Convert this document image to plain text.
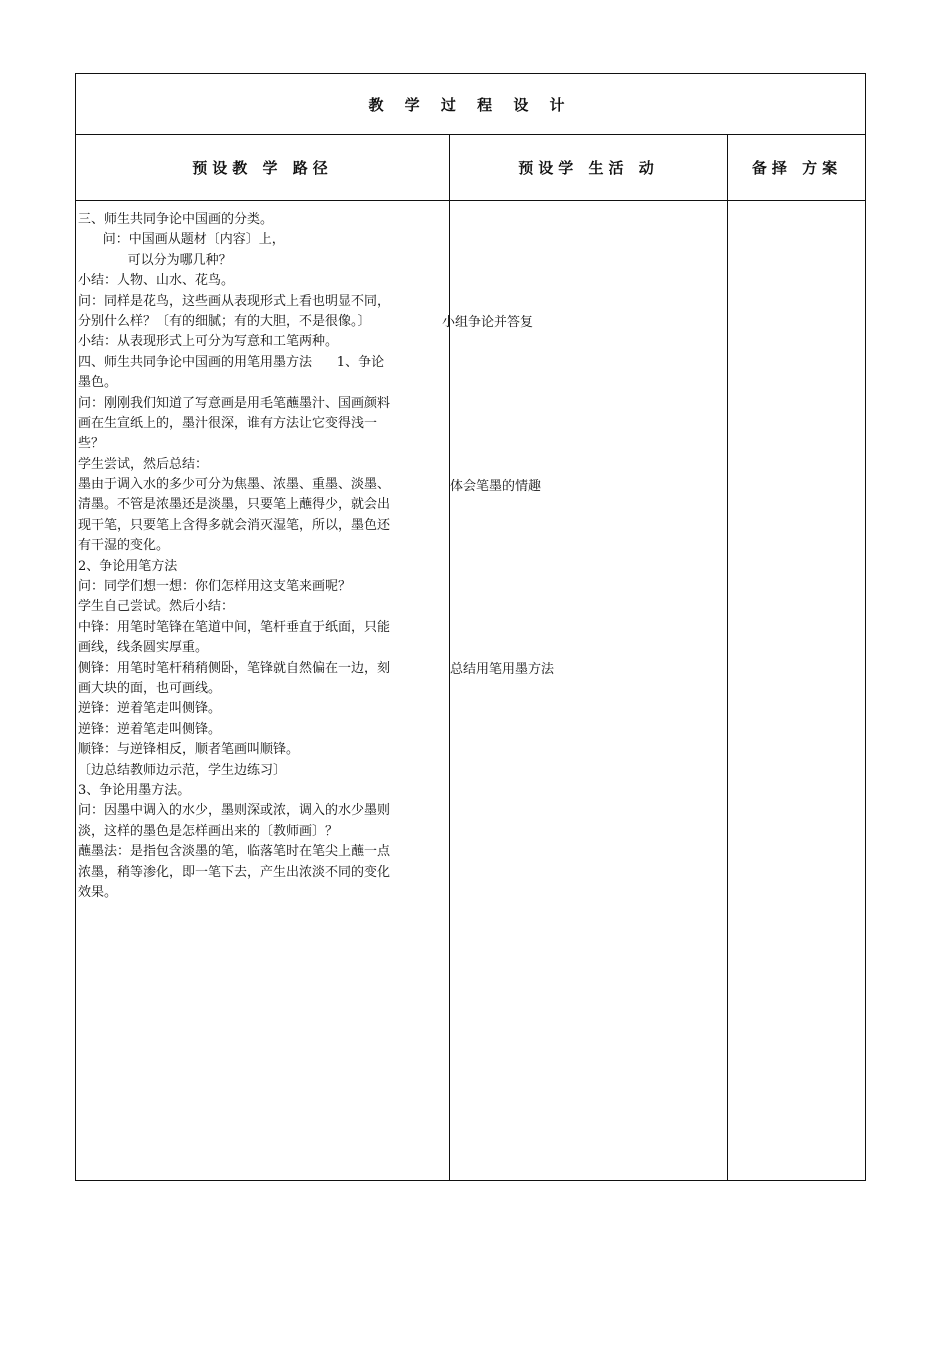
教 学 过 程 设 计
预设教 学 路径	预设学 生活 动	备择 方案
三、师生共同争论中国画的分类。
问：中国画从题材〔内容〕上，
可以分为哪几种？
小结：人物、山水、花鸟。
问：同样是花鸟，这些画从表现形式上看也明显不同，
分别什么样？〔有的细腻；有的大胆，不是很像。〕
小结：从表现形式上可分为写意和工笔两种。
四、师生共同争论中国画的用笔用墨方法      1、争论
墨色。
问：刚刚我们知道了写意画是用毛笔蘸墨汁、国画颜料
画在生宣纸上的，墨汁很深，谁有方法让它变得浅一
些？
学生尝试，然后总结：
墨由于调入水的多少可分为焦墨、浓墨、重墨、淡墨、
清墨。不管是浓墨还是淡墨，只要笔上蘸得少，就会出
现干笔，只要笔上含得多就会消灭湿笔，所以，墨色还
有干湿的变化。
2、争论用笔方法
问：同学们想一想：你们怎样用这支笔来画呢？
学生自己尝试。然后小结：
中锋：用笔时笔锋在笔道中间，笔杆垂直于纸面，只能
画线，线条圆实厚重。
侧锋：用笔时笔杆稍稍侧卧，笔锋就自然偏在一边，刻
画大块的面，也可画线。
逆锋：逆着笔走叫侧锋。
逆锋：逆着笔走叫侧锋。
顺锋：与逆锋相反，顺者笔画叫顺锋。
〔边总结教师边示范，学生边练习〕
3、争论用墨方法。
问：因墨中调入的水少，墨则深或浓，调入的水少墨则
淡，这样的墨色是怎样画出来的〔教师画〕？
蘸墨法：是指包含淡墨的笔，临落笔时在笔尖上蘸一点
浓墨，稍等渗化，即一笔下去，产生出浓淡不同的变化
效果。
小组争论并答复
体会笔墨的情趣
总结用笔用墨方法
